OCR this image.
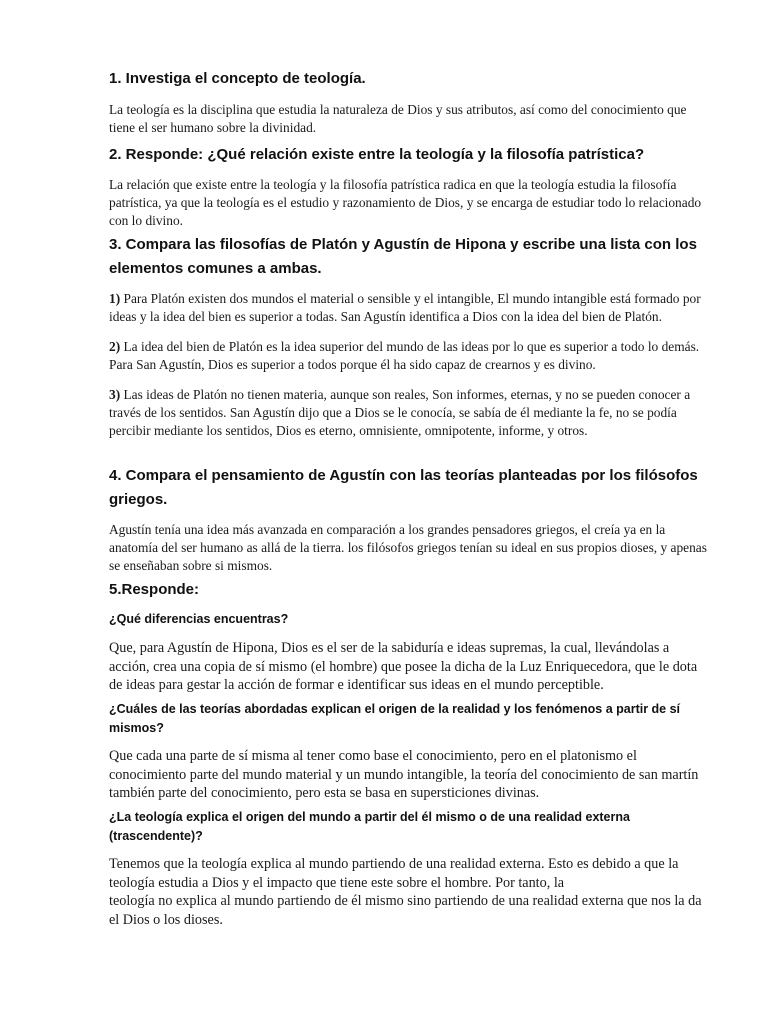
1. Investiga el concepto de teología.

La teología es la disciplina que estudia la naturaleza de Dios y sus atributos, así como del conocimiento que tiene el ser humano sobre la divinidad.

2. Responde: ¿Qué relación existe entre la teología y la filosofía patrística?

La relación que existe entre la teología y la filosofía patrística radica en que la teología estudia la filosofía patrística, ya que la teología es el estudio y razonamiento de Dios, y se encarga de estudiar todo lo relacionado con lo divino.

3. Compara las filosofías de Platón y Agustín de Hipona y escribe una lista con los elementos comunes a ambas.

1) Para Platón existen dos mundos el material o sensible y el intangible, El mundo intangible está formado por ideas y la idea del bien es superior a todas. San Agustín identifica a Dios con la idea del bien de Platón.

2) La idea del bien de Platón es la idea superior del mundo de las ideas por lo que es superior a todo lo demás. Para San Agustín, Dios es superior a todos porque él ha sido capaz de crearnos y es divino.

3) Las ideas de Platón no tienen materia, aunque son reales, Son informes, eternas, y no se pueden conocer a través de los sentidos. San Agustín dijo que a Dios se le conocía, se sabía de él mediante la fe, no se podía percibir mediante los sentidos, Dios es eterno, omnisiente, omnipotente, informe, y otros.

4. Compara el pensamiento de Agustín con las teorías planteadas por los filósofos griegos.

Agustín tenía una idea más avanzada en comparación a los grandes pensadores griegos, el creía ya en la anatomía del ser humano as allá de la tierra. los filósofos griegos tenían su ideal en sus propios dioses, y apenas se enseñaban sobre si mismos.

5.Responde:
¿Qué diferencias encuentras?

Que, para Agustín de Hipona, Dios es el ser de la sabiduría e ideas supremas, la cual, llevándolas a acción, crea una copia de sí mismo (el hombre) que posee la dicha de la Luz Enriquecedora, que le dota de ideas para gestar la acción de formar e identificar sus ideas en el mundo perceptible.

¿Cuáles de las teorías abordadas explican el origen de la realidad y los fenómenos a partir de sí mismos?

Que cada una parte de sí misma al tener como base el conocimiento, pero en el platonismo el conocimiento parte del mundo material y un mundo intangible, la teoría del conocimiento de san martín también parte del conocimiento, pero esta se basa en supersticiones divinas.

¿La teología explica el origen del mundo a partir del él mismo o de una realidad externa (trascendente)?

Tenemos que la teología explica al mundo partiendo de una realidad externa. Esto es debido a que la teología estudia a Dios y el impacto que tiene este sobre el hombre. Por tanto, la

teología no explica al mundo partiendo de él mismo sino partiendo de una realidad externa que nos la da el Dios o los dioses.
